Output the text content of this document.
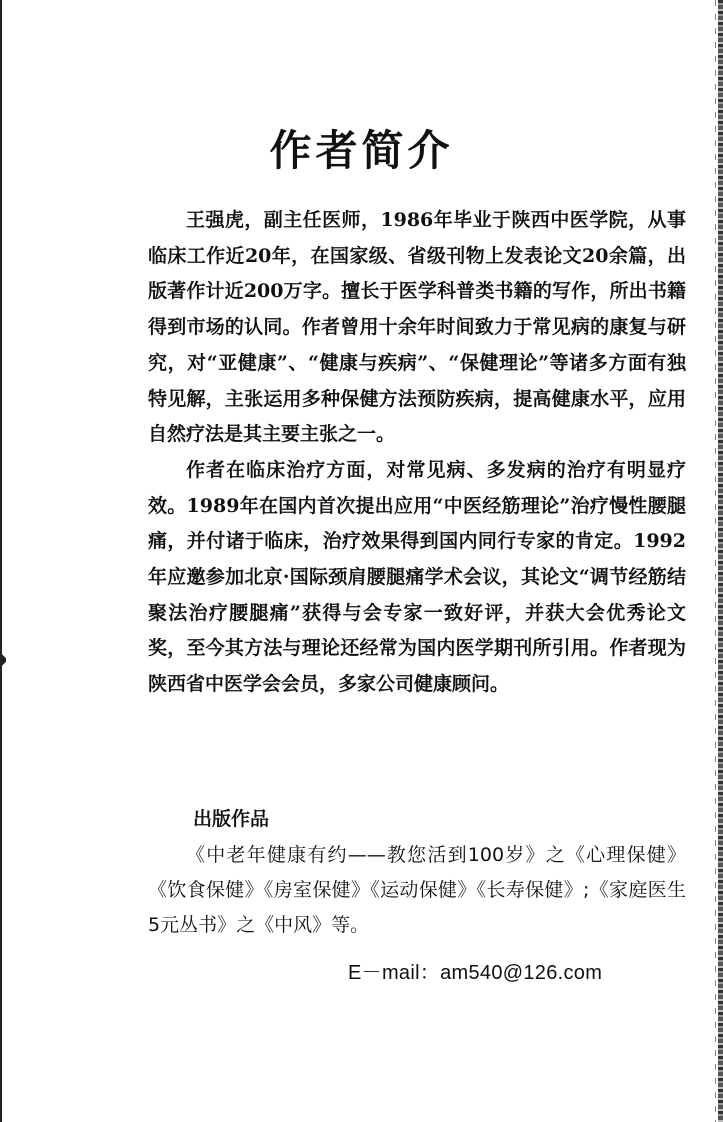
作者简介

王强虎，副主任医师，1986年毕业于陕西中医学院，从事临床工作近20年，在国家级、省级刊物上发表论文20余篇，出版著作计近200万字。擅长于医学科普类书籍的写作，所出书籍得到市场的认同。作者曾用十余年时间致力于常见病的康复与研究，对“亚健康”、“健康与疾病”、“保健理论”等诸多方面有独特见解，主张运用多种保健方法预防疾病，提高健康水平，应用自然疗法是其主要主张之一。

作者在临床治疗方面，对常见病、多发病的治疗有明显疗效。1989年在国内首次提出应用“中医经筋理论”治疗慢性腰腿痛，并付诸于临床，治疗效果得到国内同行专家的肯定。1992年应邀参加北京·国际颈肩腰腿痛学术会议，其论文“调节经筋结聚法治疗腰腿痛”获得与会专家一致好评，并获大会优秀论文奖，至今其方法与理论还经常为国内医学期刊所引用。作者现为陕西省中医学会会员，多家公司健康顾问。

出版作品

《中老年健康有约——教您活到100岁》之《心理保健》《饮食保健》《房室保健》《运动保健》《长寿保健》;《家庭医生5元丛书》之《中风》等。

E－mail：am540@126.com
